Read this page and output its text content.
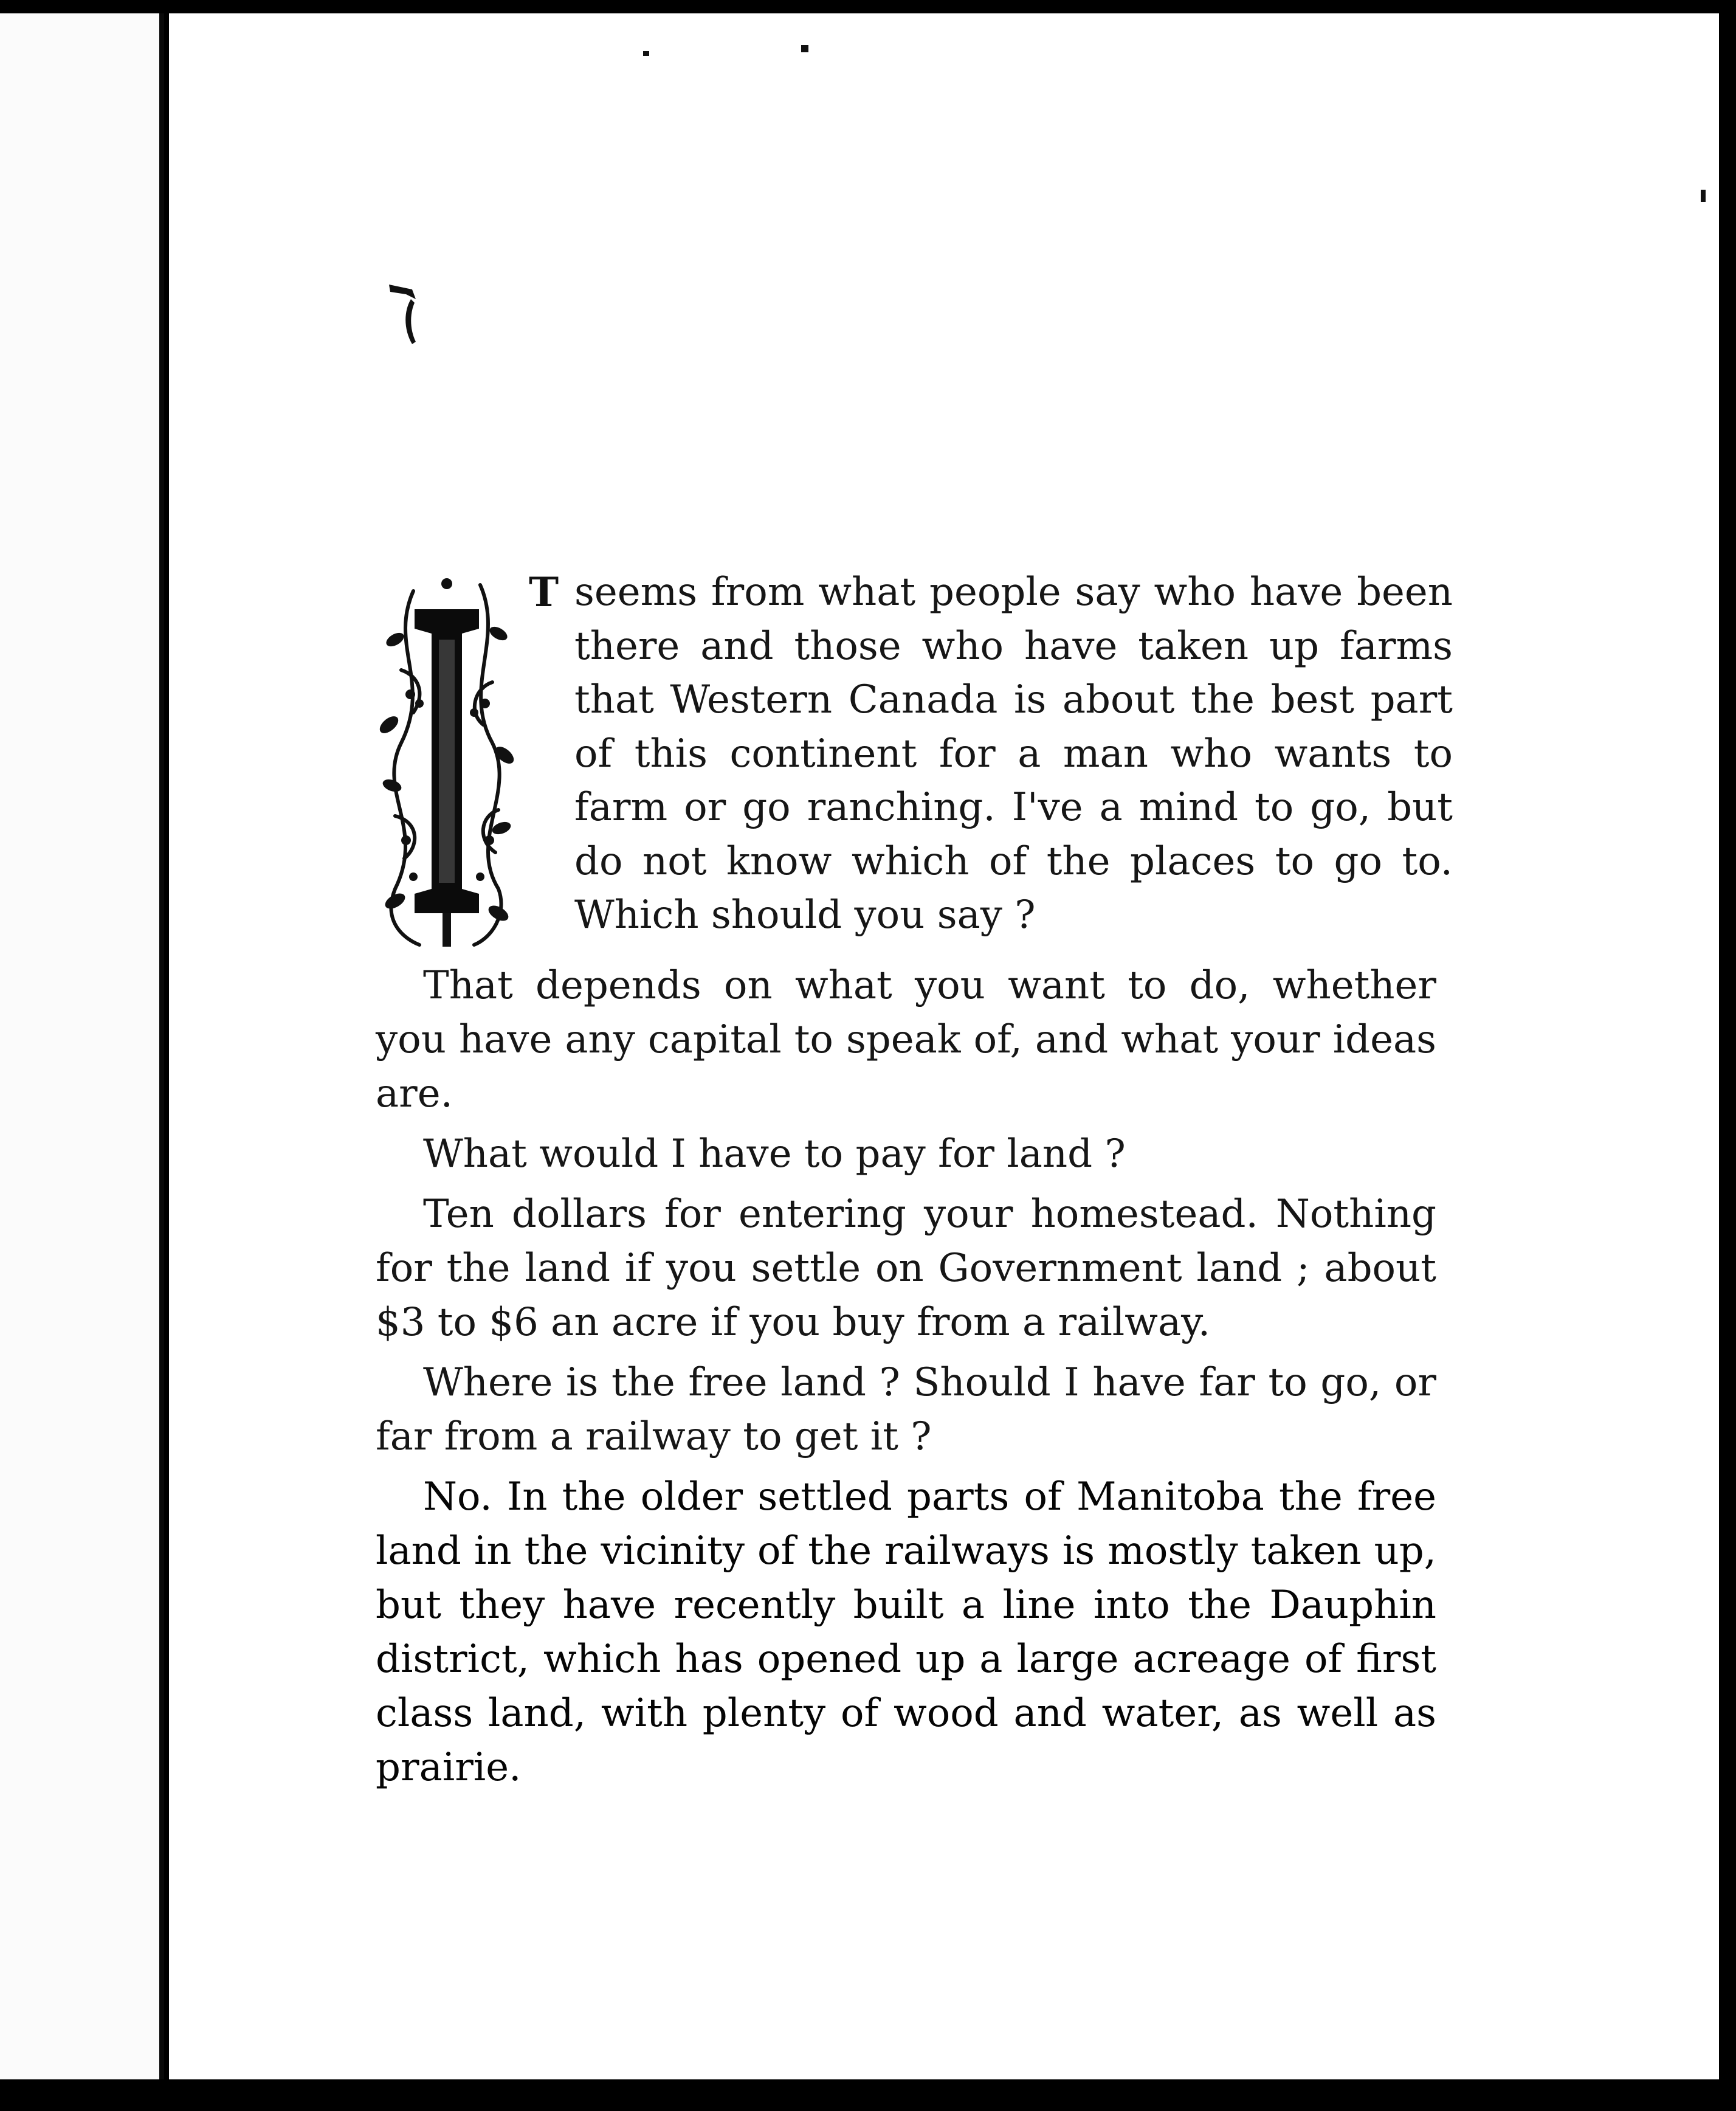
T seems from what people say who have been there and those who have taken up farms that Western Canada is about the best part of this continent for a man who wants to farm or go ranching. I've a mind to go, but do not know which of the places to go to. Which should you say ?

That depends on what you want to do, whether you have any capital to speak of, and what your ideas are.

What would I have to pay for land ?

Ten dollars for entering your homestead. Nothing for the land if you settle on Government land ; about $3 to $6 an acre if you buy from a railway.

Where is the free land ? Should I have far to go, or far from a railway to get it ?

No. In the older settled parts of Manitoba the free land in the vicinity of the railways is mostly taken up, but they have recently built a line into the Dauphin district, which has opened up a large acreage of first class land, with plenty of wood and water, as well as prairie.
